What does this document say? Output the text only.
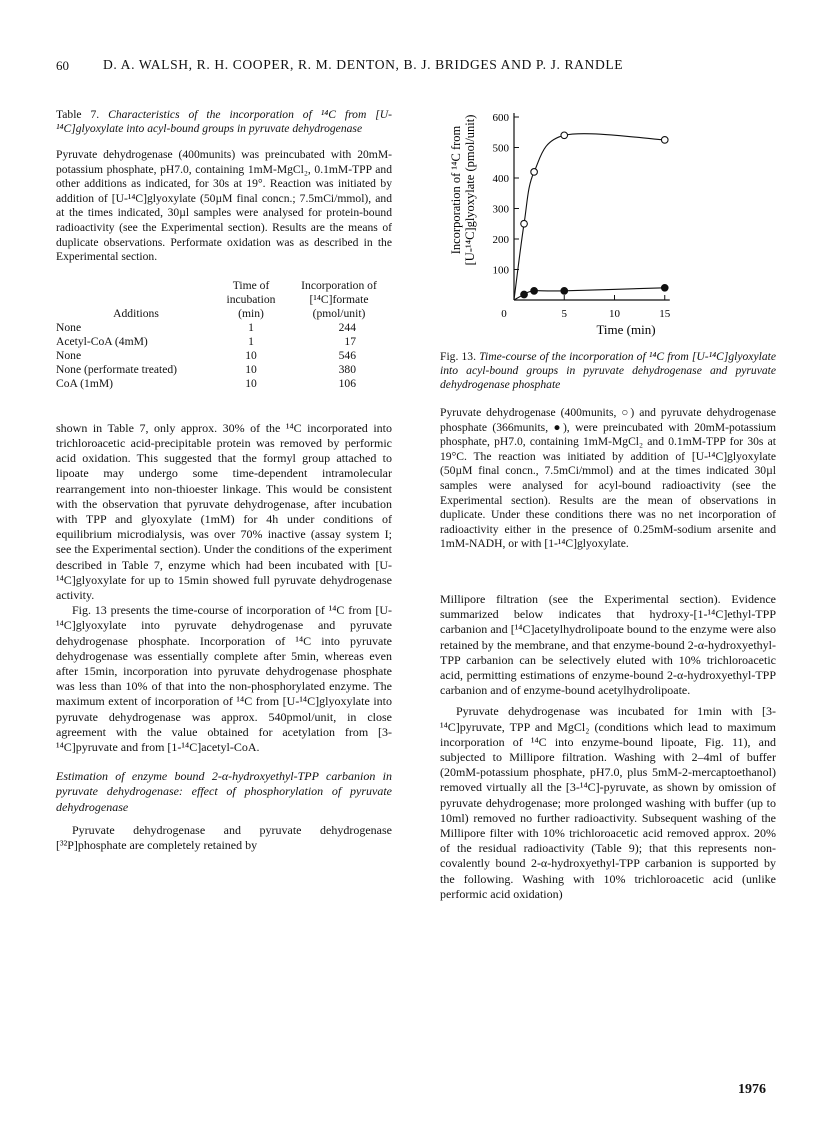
60	D. A. WALSH, R. H. COOPER, R. M. DENTON, B. J. BRIDGES AND P. J. RANDLE
Table 7. Characteristics of the incorporation of ¹⁴C from [U-¹⁴C]glyoxylate into acyl-bound groups in pyruvate dehydrogenase
Pyruvate dehydrogenase (400munits) was preincubated with 20mM-potassium phosphate, pH7.0, containing 1mM-MgCl₂, 0.1mM-TPP and other additions as indicated, for 30s at 19°. Reaction was initiated by addition of [U-¹⁴C]glyoxylate (50µM final concn.; 7.5mCi/mmol), and at the times indicated, 30µl samples were analysed for protein-bound radioactivity (see the Experimental section). Results are the means of duplicate observations. Performate oxidation was as described in the Experimental section.
Additions	Time of incubation (min)	Incorporation of [¹⁴C]formate (pmol/unit)
None	1	244
Acetyl-CoA (4mM)	1	17
None	10	546
None (performate treated)	10	380
CoA (1mM)	10	106

shown in Table 7, only approx. 30% of the ¹⁴C incorporated into trichloroacetic acid-precipitable protein was removed by performic acid oxidation. This suggested that the formyl group attached to lipoate may undergo some time-dependent intramolecular rearrangement into non-thioester linkage. This would be consistent with the observation that pyruvate dehydrogenase, after incubation with TPP and glyoxylate (1mM) for 4h under conditions of equilibrium microdialysis, was over 70% inactive (assay system I; see the Experimental section). Under the conditions of the experiment described in Table 7, enzyme which had been incubated with [U-¹⁴C]glyoxylate for up to 15min showed full pyruvate dehydrogenase activity.

Fig. 13 presents the time-course of incorporation of ¹⁴C from [U-¹⁴C]glyoxylate into pyruvate dehydrogenase and pyruvate dehydrogenase phosphate. Incorporation of ¹⁴C into pyruvate dehydrogenase was essentially complete after 5min, whereas even after 15min, incorporation into pyruvate dehydrogenase phosphate was less than 10% of that into the non-phosphorylated enzyme. The maximum extent of incorporation of ¹⁴C from [U-¹⁴C]glyoxylate into pyruvate dehydrogenase was approx. 540pmol/unit, in close agreement with the value obtained for acetylation from [3-¹⁴C]pyruvate and from [1-¹⁴C]acetyl-CoA.

Estimation of enzyme bound 2-α-hydroxyethyl-TPP carbanion in pyruvate dehydrogenase: effect of phosphorylation of pyruvate dehydrogenase

Pyruvate dehydrogenase and pyruvate dehydrogenase [³²P]phosphate are completely retained by

0	5	10	15
100
200
300
400
500
600
Incorporation of ¹⁴C from [U-¹⁴C]glyoxylate (pmol/unit)
Time (min)
Fig. 13. Time-course of the incorporation of ¹⁴C from [U-¹⁴C]glyoxylate into acyl-bound groups in pyruvate dehydrogenase and pyruvate dehydrogenase phosphate
Pyruvate dehydrogenase (400munits, ○) and pyruvate dehydrogenase phosphate (366munits, ●), were preincubated with 20mM-potassium phosphate, pH7.0, containing 1mM-MgCl₂ and 0.1mM-TPP for 30s at 19°C. The reaction was initiated by addition of [U-¹⁴C]glyoxylate (50µM final concn., 7.5mCi/mmol) and at the times indicated 30µl samples were analysed for acyl-bound radioactivity (see the Experimental section). Results are the mean of observations in duplicate. Under these conditions there was no net incorporation of radioactivity either in the presence of 0.25mM-sodium arsenite and 1mM-NADH, or with [1-¹⁴C]glyoxylate.

Millipore filtration (see the Experimental section). Evidence summarized below indicates that hydroxy-[1-¹⁴C]ethyl-TPP carbanion and [¹⁴C]acetylhydrolipoate bound to the enzyme were also retained by the membrane, and that enzyme-bound 2-α-hydroxyethyl-TPP carbanion can be selectively eluted with 10% trichloroacetic acid, permitting estimations of enzyme-bound 2-α-hydroxyethyl-TPP carbanion and of enzyme-bound acetylhydrolipoate.

Pyruvate dehydrogenase was incubated for 1min with [3-¹⁴C]pyruvate, TPP and MgCl₂ (conditions which lead to maximum incorporation of ¹⁴C into enzyme-bound lipoate, Fig. 11), and subjected to Millipore filtration. Washing with 2–4ml of buffer (20mM-potassium phosphate, pH7.0, plus 5mM-2-mercaptoethanol) removed virtually all the [3-¹⁴C]-pyruvate, as shown by omission of pyruvate dehydrogenase; more prolonged washing with buffer (up to 10ml) removed no further radioactivity. Subsequent washing of the Millipore filter with 10% trichloroacetic acid removed approx. 20% of the residual radioactivity (Table 9); that this represents non-covalently bound 2-α-hydroxyethyl-TPP carbanion is supported by the following. Washing with 10% trichloroacetic acid (unlike performic acid oxidation)

1976
